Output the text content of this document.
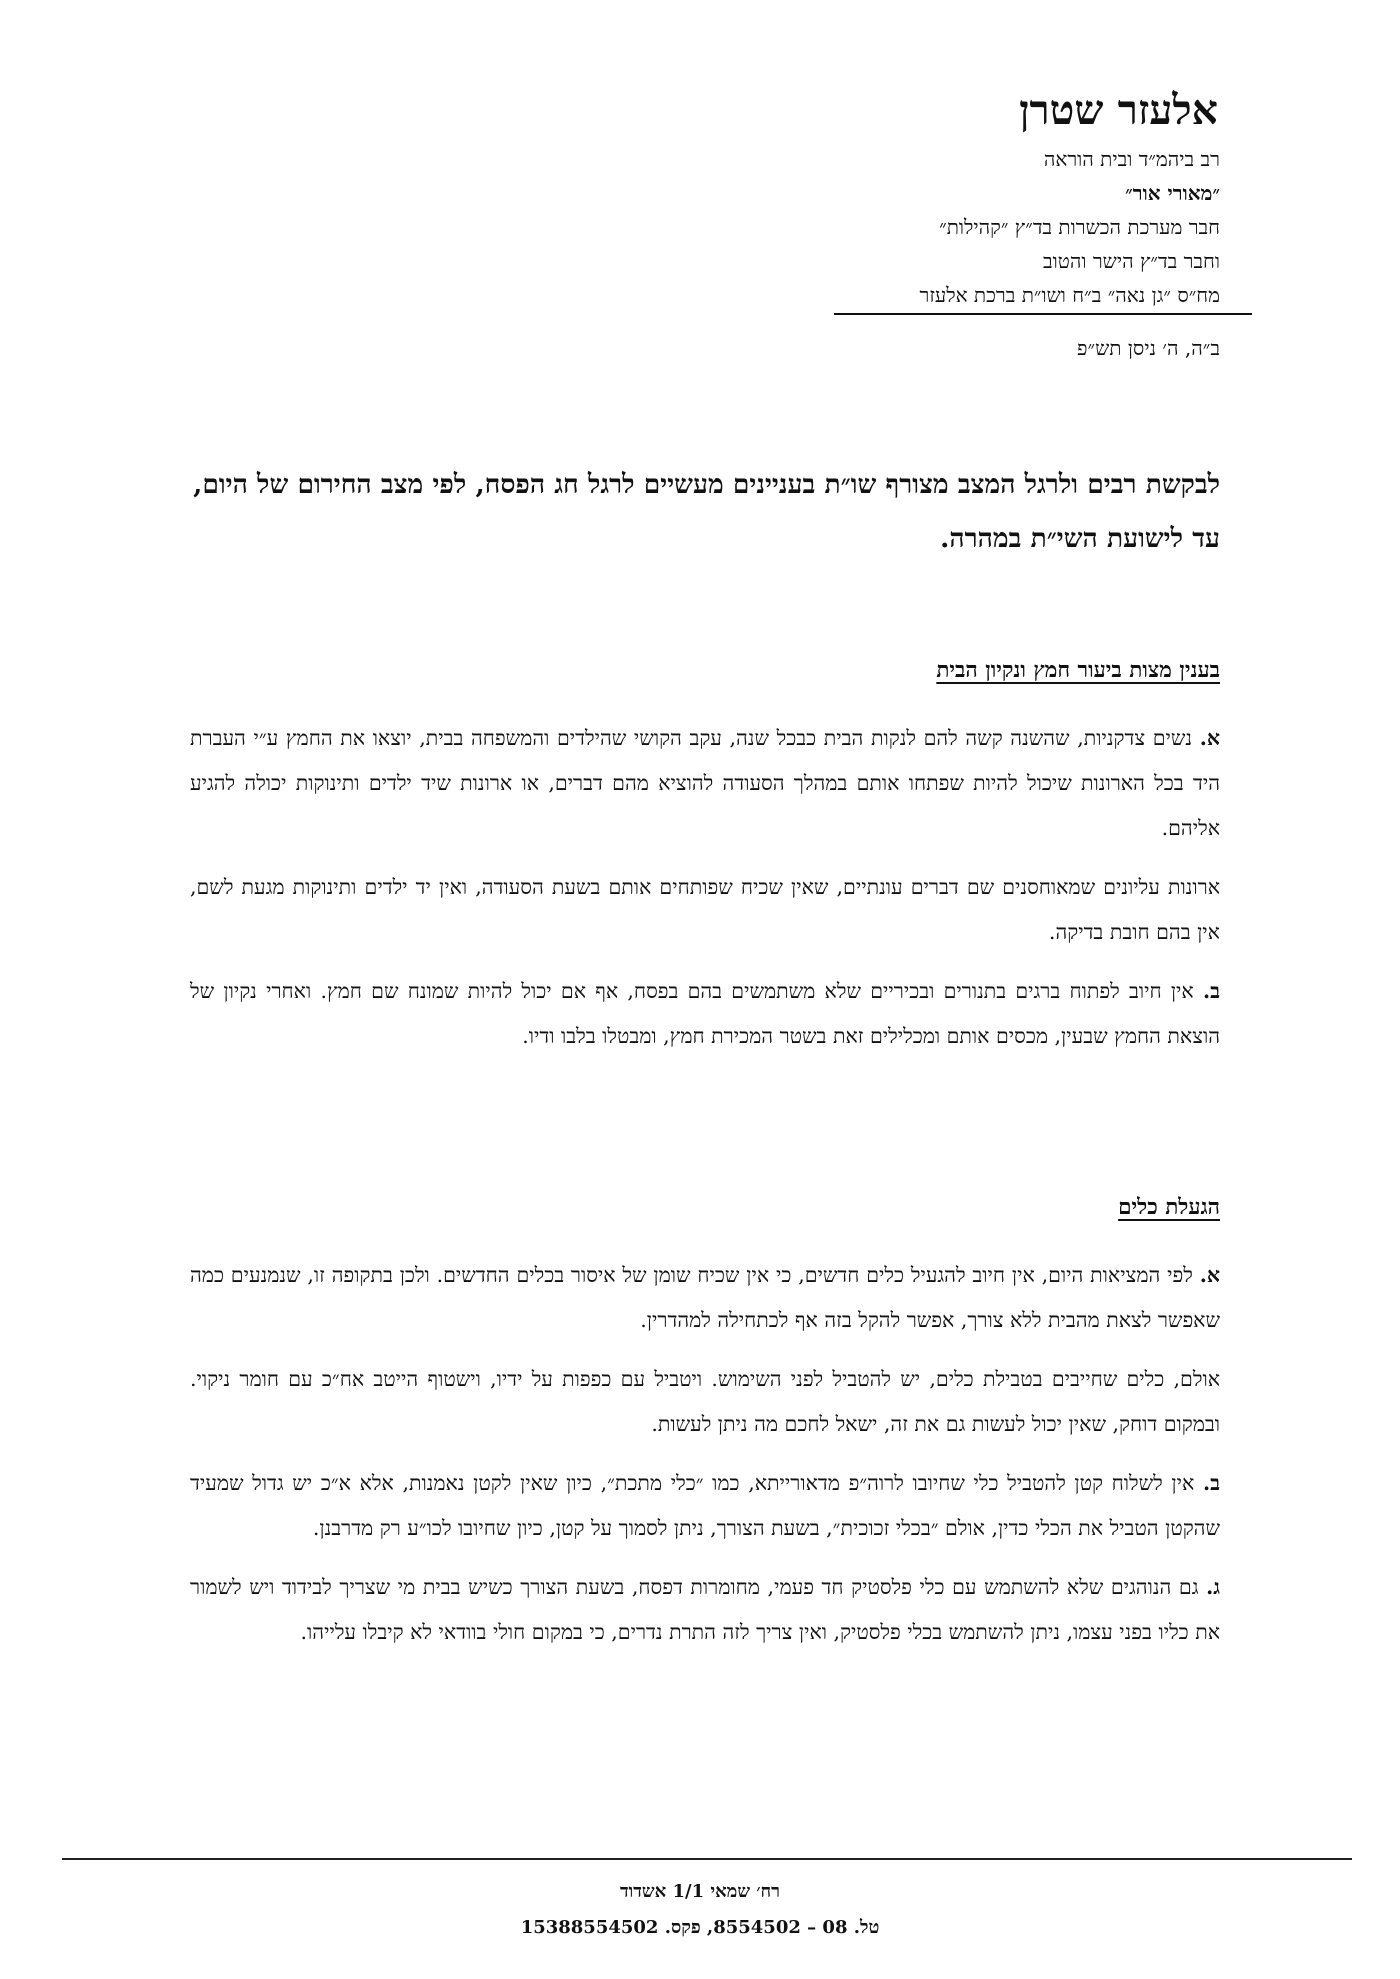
אלעזר שטרן
רב ביהמ״ד ובית הוראה
״מאורי אור״
חבר מערכת הכשרות בד״ץ ״קהילות״
וחבר בד״ץ הישר והטוב
מח״ס ״גן נאה״ ב״ח ושו״ת ברכת אלעזר
ב״ה, ה׳ ניסן תש״פ

לבקשת רבים ולרגל המצב מצורף שו״ת בעניינים מעשיים לרגל חג הפסח, לפי מצב החירום של היום, עד לישועת השי״ת במהרה.

בענין מצות ביעור חמץ ונקיון הבית

א. נשים צדקניות, שהשנה קשה להם לנקות הבית כבכל שנה, עקב הקושי שהילדים והמשפחה בבית, יוצאו את החמץ ע״י העברת היד בכל הארונות שיכול להיות שפתחו אותם במהלך הסעודה להוציא מהם דברים, או ארונות שיד ילדים ותינוקות יכולה להגיע אליהם.

ארונות עליונים שמאוחסנים שם דברים עונתיים, שאין שכיח שפותחים אותם בשעת הסעודה, ואין יד ילדים ותינוקות מגעת לשם, אין בהם חובת בדיקה.

ב. אין חיוב לפתוח ברגים בתנורים ובכיריים שלא משתמשים בהם בפסח, אף אם יכול להיות שמונח שם חמץ. ואחרי נקיון של הוצאת החמץ שבעין, מכסים אותם ומכלילים זאת בשטר המכירת חמץ, ומבטלו בלבו ודיו.

הגעלת כלים

א. לפי המציאות היום, אין חיוב להגעיל כלים חדשים, כי אין שכיח שומן של איסור בכלים החדשים. ולכן בתקופה זו, שנמנעים כמה שאפשר לצאת מהבית ללא צורך, אפשר להקל בזה אף לכתחילה למהדרין.

אולם, כלים שחייבים בטבילת כלים, יש להטביל לפני השימוש. ויטביל עם כפפות על ידיו, וישטוף הייטב אח״כ עם חומר ניקוי. ובמקום דוחק, שאין יכול לעשות גם את זה, ישאל לחכם מה ניתן לעשות.

ב. אין לשלוח קטן להטביל כלי שחיובו לרוה״פ מדאורייתא, כמו ״כלי מתכת״, כיון שאין לקטן נאמנות, אלא א״כ יש גדול שמעיד שהקטן הטביל את הכלי כדין, אולם ״בכלי זכוכית״, בשעת הצורך, ניתן לסמוך על קטן, כיון שחיובו לכו״ע רק מדרבנן.

ג. גם הנוהגים שלא להשתמש עם כלי פלסטיק חד פעמי, מחומרות דפסח, בשעת הצורך כשיש בבית מי שצריך לבידוד ויש לשמור את כליו בפני עצמו, ניתן להשתמש בכלי פלסטיק, ואין צריך לזה התרת נדרים, כי במקום חולי בוודאי לא קיבלו עלייהו.

רח׳ שמאי 1/1 אשדוד
טל. 08 – 8554502, פקס. 15388554502
